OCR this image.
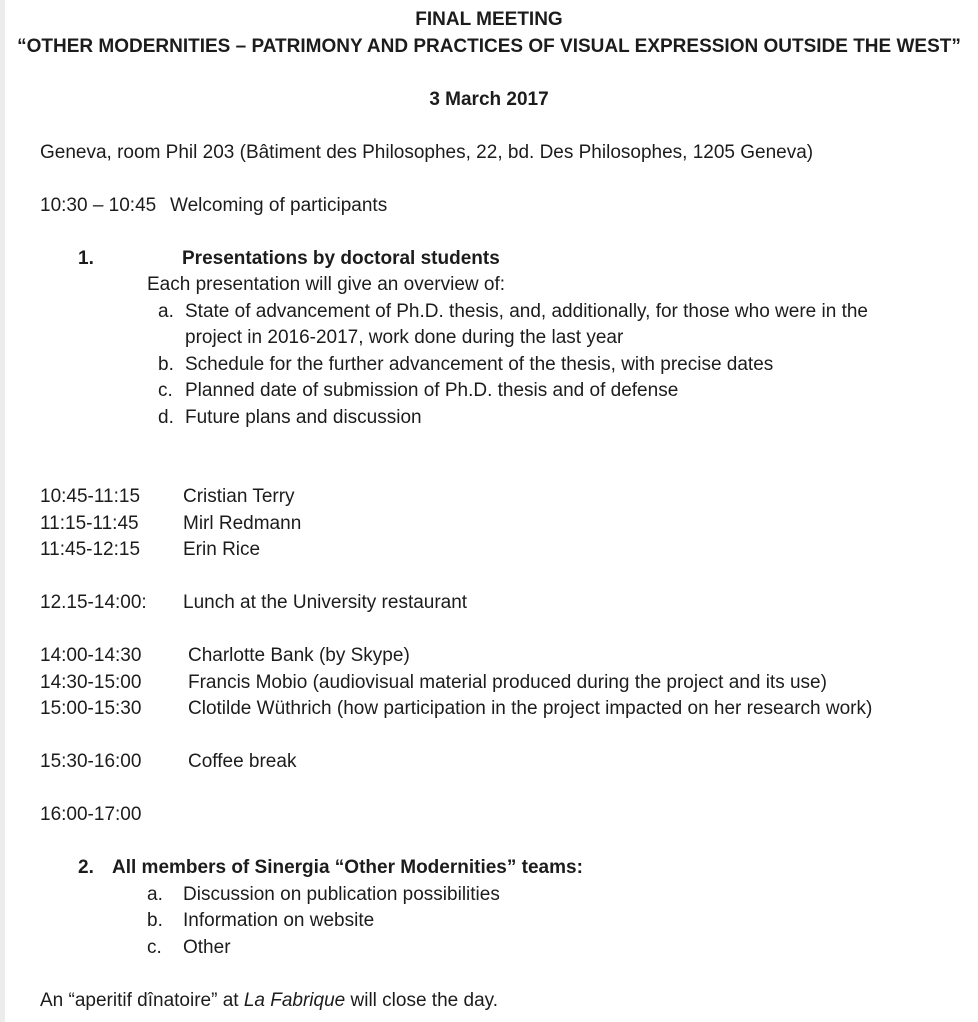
FINAL MEETING
“OTHER MODERNITIES – PATRIMONY AND PRACTICES OF VISUAL EXPRESSION OUTSIDE THE WEST”
3 March 2017
Geneva, room Phil 203 (Bâtiment des Philosophes, 22, bd. Des Philosophes, 1205 Geneva)
10:30 – 10:45 Welcoming of participants
1.	Presentations by doctoral students
Each presentation will give an overview of:
a. State of advancement of Ph.D. thesis, and, additionally, for those who were in the project in 2016-2017, work done during the last year
b. Schedule for the further advancement of the thesis, with precise dates
c. Planned date of submission of Ph.D. thesis and of defense
d. Future plans and discussion
10:45-11:15	Cristian Terry
11:15-11:45	Mirl Redmann
11:45-12:15	Erin Rice
12.15-14:00:	Lunch at the University restaurant
14:00-14:30	Charlotte Bank (by Skype)
14:30-15:00	Francis Mobio (audiovisual material produced during the project and its use)
15:00-15:30	Clotilde Wüthrich (how participation in the project impacted on her research work)
15:30-16:00	Coffee break
16:00-17:00
2. All members of Sinergia “Other Modernities” teams:
a.	Discussion on publication possibilities
b.	Information on website
c.	Other
An “aperitif dînatoire” at La Fabrique will close the day.
